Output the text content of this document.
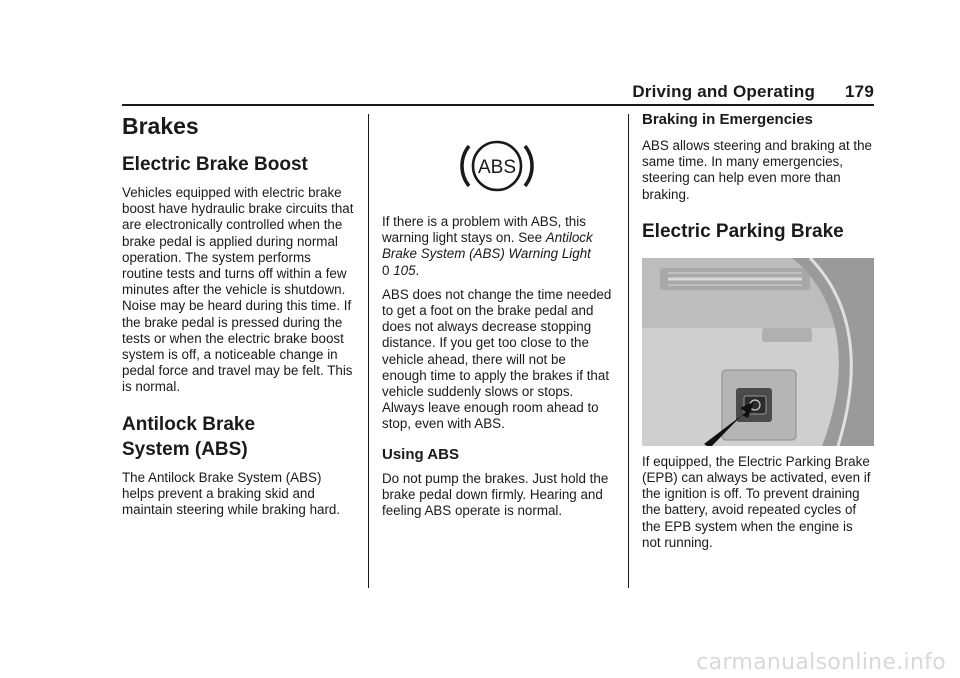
Driving and Operating 179
Brakes
Electric Brake Boost

Vehicles equipped with electric brake boost have hydraulic brake circuits that are electronically controlled when the brake pedal is applied during normal operation. The system performs routine tests and turns off within a few minutes after the vehicle is shutdown. Noise may be heard during this time. If the brake pedal is pressed during the tests or when the electric brake boost system is off, a noticeable change in pedal force and travel may be felt. This is normal.

Antilock Brake
System (ABS)

The Antilock Brake System (ABS) helps prevent a braking skid and maintain steering while braking hard.

ABS

If there is a problem with ABS, this warning light stays on. See Antilock Brake System (ABS) Warning Light
0 105.

ABS does not change the time needed to get a foot on the brake pedal and does not always decrease stopping distance. If you get too close to the vehicle ahead, there will not be enough time to apply the brakes if that vehicle suddenly slows or stops. Always leave enough room ahead to stop, even with ABS.

Using ABS

Do not pump the brakes. Just hold the brake pedal down firmly. Hearing and feeling ABS operate is normal.

Braking in Emergencies

ABS allows steering and braking at the same time. In many emergencies, steering can help even more than braking.

Electric Parking Brake

If equipped, the Electric Parking Brake (EPB) can always be activated, even if the ignition is off. To prevent draining the battery, avoid repeated cycles of the EPB system when the engine is not running.

carmanualsonline.info
